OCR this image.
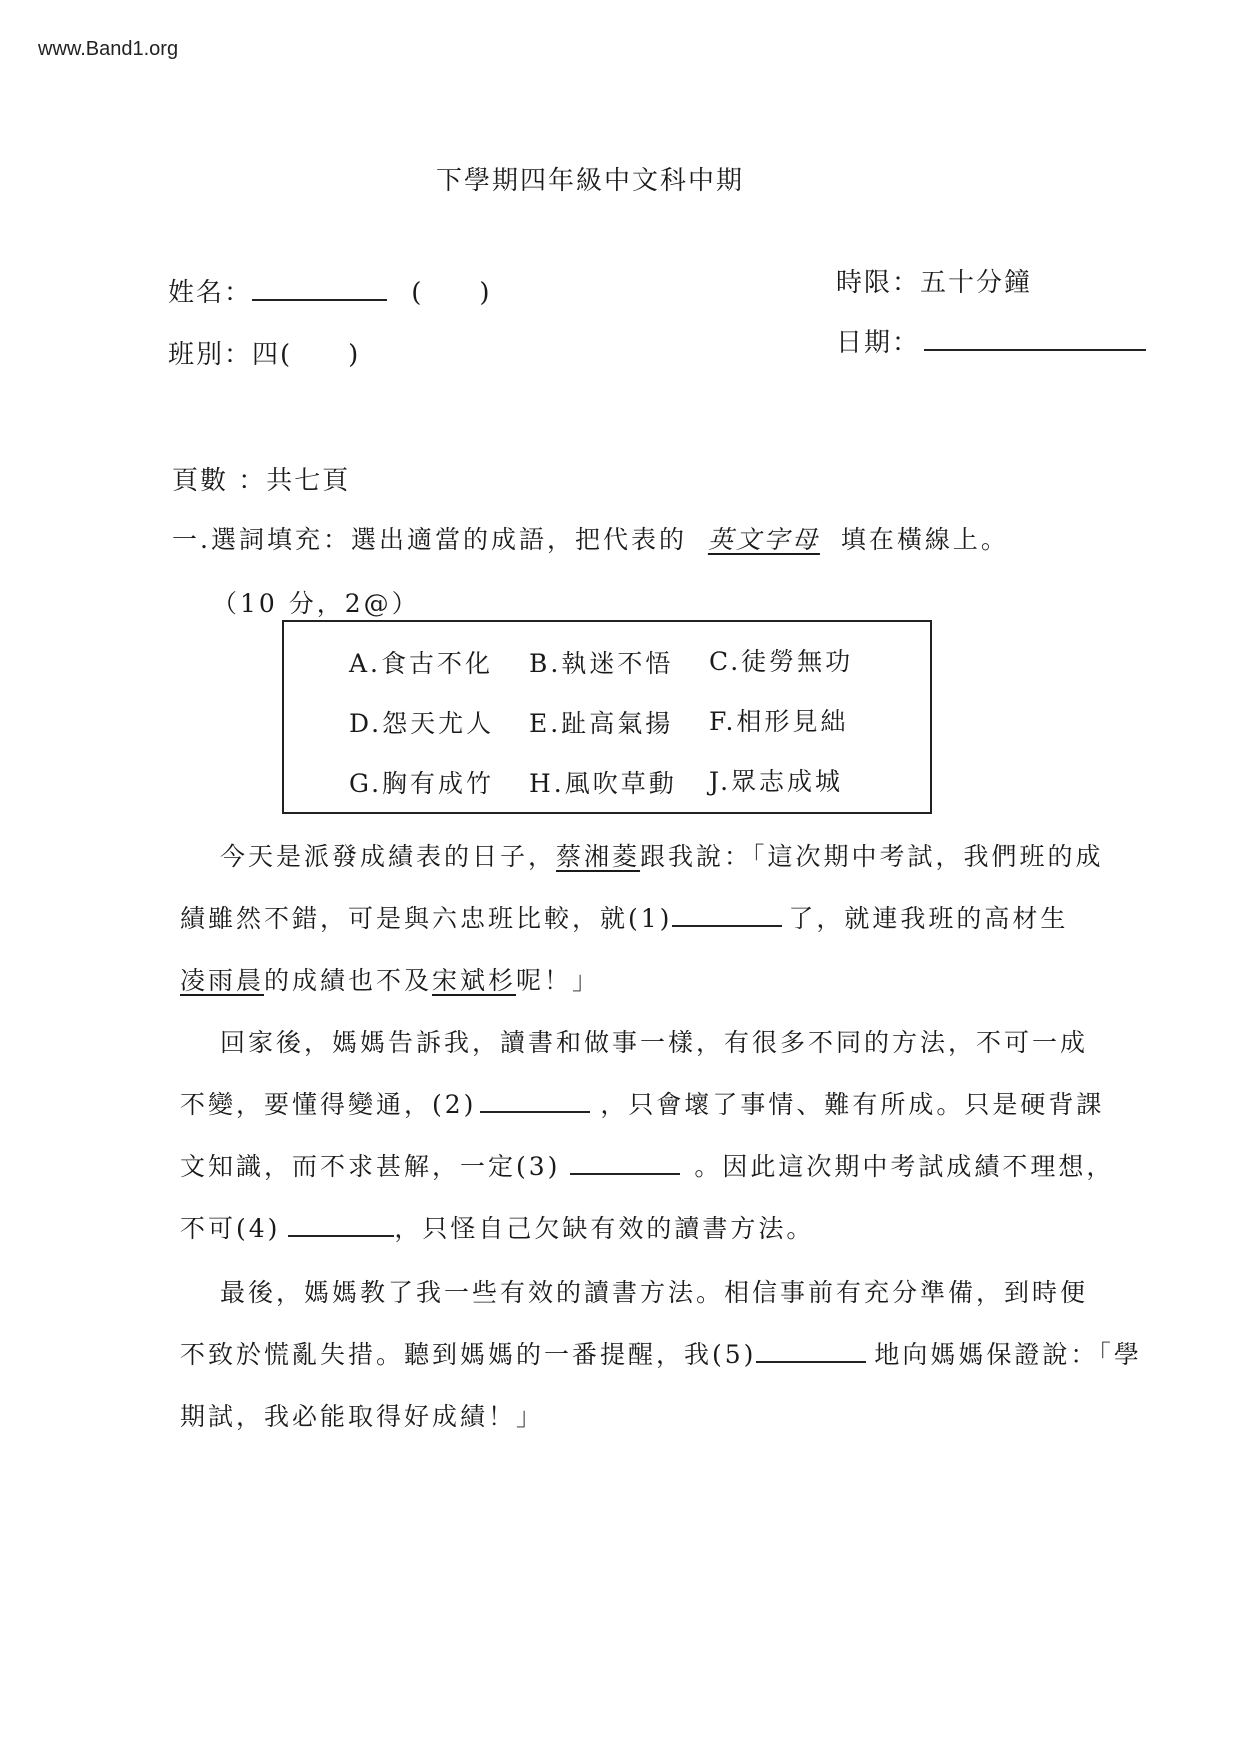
www.Band1.org
下學期四年級中文科中期
姓名：	(　　)
班別：四(　　)
時限：五十分鐘
日期：
頁數 ：共七頁
一.選詞填充：選出適當的成語，把代表的 英文字母 填在橫線上。
（10 分，2@）
A.食古不化 B.執迷不悟 C.徒勞無功
D.怨天尤人 E.趾高氣揚 F.相形見絀
G.胸有成竹 H.風吹草動 J.眾志成城
今天是派發成績表的日子，蔡湘菱跟我說：「這次期中考試，我們班的成
績雖然不錯，可是與六忠班比較，就(1)	了，就連我班的高材生
凌雨晨的成績也不及宋斌杉呢！」
回家後，媽媽告訴我，讀書和做事一樣，有很多不同的方法，不可一成
不變，要懂得變通，(2)	，只會壞了事情、難有所成。只是硬背課
文知識，而不求甚解，一定(3)	。因此這次期中考試成績不理想，
不可(4)	，只怪自己欠缺有效的讀書方法。
最後，媽媽教了我一些有效的讀書方法。相信事前有充分準備，到時便
不致於慌亂失措。聽到媽媽的一番提醒，我(5)	地向媽媽保證說：「學
期試，我必能取得好成績！」
